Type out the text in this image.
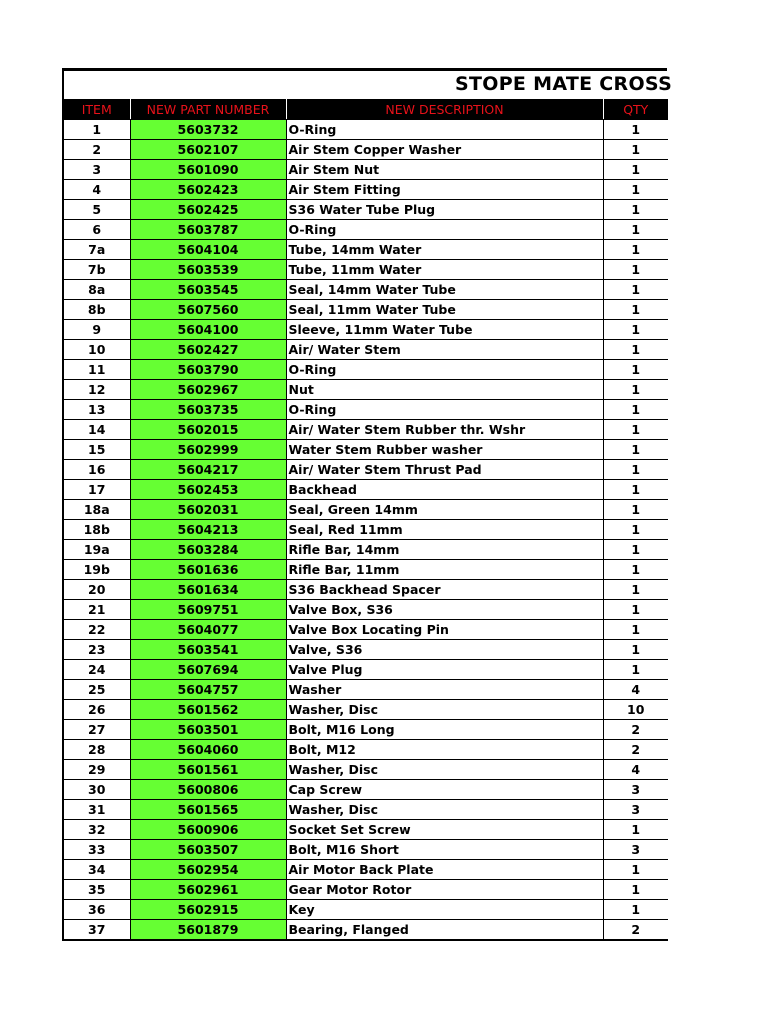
STOPE MATE CROSS
ITEM	NEW PART NUMBER	NEW DESCRIPTION	QTY
1	5603732	O-Ring	1
2	5602107	Air Stem Copper Washer	1
3	5601090	Air Stem Nut	1
4	5602423	Air Stem Fitting	1
5	5602425	S36 Water Tube Plug	1
6	5603787	O-Ring	1
7a	5604104	Tube, 14mm Water	1
7b	5603539	Tube, 11mm Water	1
8a	5603545	Seal, 14mm Water Tube	1
8b	5607560	Seal, 11mm Water Tube	1
9	5604100	Sleeve, 11mm Water Tube	1
10	5602427	Air/ Water Stem	1
11	5603790	O-Ring	1
12	5602967	Nut	1
13	5603735	O-Ring	1
14	5602015	Air/ Water Stem Rubber thr. Wshr	1
15	5602999	Water Stem Rubber washer	1
16	5604217	Air/ Water Stem Thrust Pad	1
17	5602453	Backhead	1
18a	5602031	Seal, Green 14mm	1
18b	5604213	Seal, Red 11mm	1
19a	5603284	Rifle Bar, 14mm	1
19b	5601636	Rifle Bar, 11mm	1
20	5601634	S36 Backhead Spacer	1
21	5609751	Valve Box, S36	1
22	5604077	Valve Box Locating Pin	1
23	5603541	Valve, S36	1
24	5607694	Valve Plug	1
25	5604757	Washer	4
26	5601562	Washer, Disc	10
27	5603501	Bolt, M16 Long	2
28	5604060	Bolt, M12	2
29	5601561	Washer, Disc	4
30	5600806	Cap Screw	3
31	5601565	Washer, Disc	3
32	5600906	Socket Set Screw	1
33	5603507	Bolt, M16 Short	3
34	5602954	Air Motor Back Plate	1
35	5602961	Gear Motor Rotor	1
36	5602915	Key	1
37	5601879	Bearing, Flanged	2
